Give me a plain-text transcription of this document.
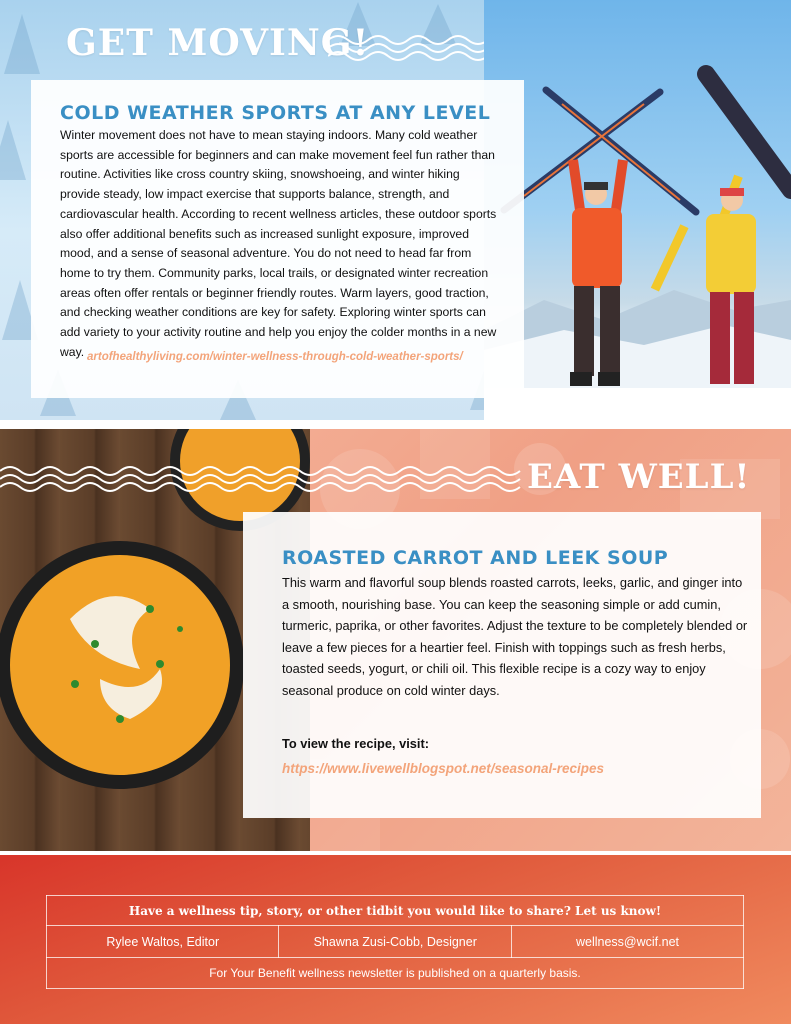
GET MOVING!
COLD WEATHER SPORTS AT ANY LEVEL

Winter movement does not have to mean staying indoors. Many cold weather sports are accessible for beginners and can make movement feel fun rather than routine. Activities like cross country skiing, snowshoeing, and winter hiking provide steady, low impact exercise that supports balance, strength, and cardiovascular health. According to recent wellness articles, these outdoor sports also offer additional benefits such as increased sunlight exposure, improved mood, and a sense of seasonal adventure. You do not need to head far from home to try them. Community parks, local trails, or designated winter recreation areas often offer rentals or beginner friendly routes. Warm layers, good traction, and checking weather conditions are key for safety. Exploring winter sports can add variety to your activity routine and help you enjoy the colder months in a new way. artofhealthyliving.com/winter-wellness-through-cold-weather-sports/
EAT WELL!
ROASTED CARROT AND LEEK SOUP

This warm and flavorful soup blends roasted carrots, leeks, garlic, and ginger into a smooth, nourishing base. You can keep the seasoning simple or add cumin, turmeric, paprika, or other favorites. Adjust the texture to be completely blended or leave a few pieces for a heartier feel. Finish with toppings such as fresh herbs, toasted seeds, yogurt, or chili oil. This flexible recipe is a cozy way to enjoy seasonal produce on cold winter days.

To view the recipe, visit:
https://www.livewellblogspot.net/seasonal-recipes
Have a wellness tip, story, or other tidbit you would like to share? Let us know!
Rylee Waltos, Editor	Shawna Zusi-Cobb, Designer	wellness@wcif.net
For Your Benefit wellness newsletter is published on a quarterly basis.
